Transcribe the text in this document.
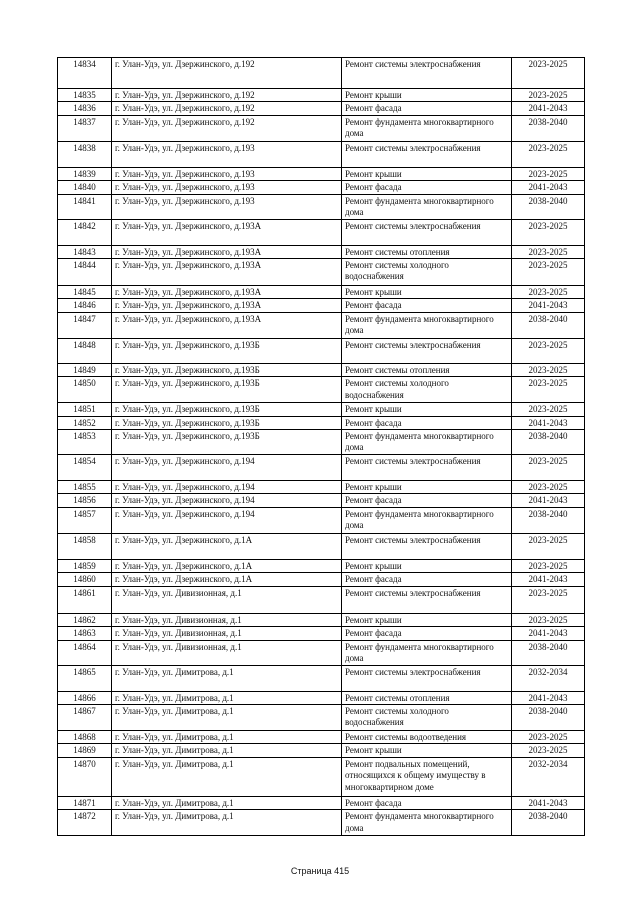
14834	г. Улан-Удэ, ул. Дзержинского, д.192	Ремонт системы электроснабжения	2023-2025
14835	г. Улан-Удэ, ул. Дзержинского, д.192	Ремонт крыши	2023-2025
14836	г. Улан-Удэ, ул. Дзержинского, д.192	Ремонт фасада	2041-2043
14837	г. Улан-Удэ, ул. Дзержинского, д.192	Ремонт фундамента многоквартирного дома	2038-2040
14838	г. Улан-Удэ, ул. Дзержинского, д.193	Ремонт системы электроснабжения	2023-2025
14839	г. Улан-Удэ, ул. Дзержинского, д.193	Ремонт крыши	2023-2025
14840	г. Улан-Удэ, ул. Дзержинского, д.193	Ремонт фасада	2041-2043
14841	г. Улан-Удэ, ул. Дзержинского, д.193	Ремонт фундамента многоквартирного дома	2038-2040
14842	г. Улан-Удэ, ул. Дзержинского, д.193А	Ремонт системы электроснабжения	2023-2025
14843	г. Улан-Удэ, ул. Дзержинского, д.193А	Ремонт системы отопления	2023-2025
14844	г. Улан-Удэ, ул. Дзержинского, д.193А	Ремонт системы холодного водоснабжения	2023-2025
14845	г. Улан-Удэ, ул. Дзержинского, д.193А	Ремонт крыши	2023-2025
14846	г. Улан-Удэ, ул. Дзержинского, д.193А	Ремонт фасада	2041-2043
14847	г. Улан-Удэ, ул. Дзержинского, д.193А	Ремонт фундамента многоквартирного дома	2038-2040
14848	г. Улан-Удэ, ул. Дзержинского, д.193Б	Ремонт системы электроснабжения	2023-2025
14849	г. Улан-Удэ, ул. Дзержинского, д.193Б	Ремонт системы отопления	2023-2025
14850	г. Улан-Удэ, ул. Дзержинского, д.193Б	Ремонт системы холодного водоснабжения	2023-2025
14851	г. Улан-Удэ, ул. Дзержинского, д.193Б	Ремонт крыши	2023-2025
14852	г. Улан-Удэ, ул. Дзержинского, д.193Б	Ремонт фасада	2041-2043
14853	г. Улан-Удэ, ул. Дзержинского, д.193Б	Ремонт фундамента многоквартирного дома	2038-2040
14854	г. Улан-Удэ, ул. Дзержинского, д.194	Ремонт системы электроснабжения	2023-2025
14855	г. Улан-Удэ, ул. Дзержинского, д.194	Ремонт крыши	2023-2025
14856	г. Улан-Удэ, ул. Дзержинского, д.194	Ремонт фасада	2041-2043
14857	г. Улан-Удэ, ул. Дзержинского, д.194	Ремонт фундамента многоквартирного дома	2038-2040
14858	г. Улан-Удэ, ул. Дзержинского, д.1А	Ремонт системы электроснабжения	2023-2025
14859	г. Улан-Удэ, ул. Дзержинского, д.1А	Ремонт крыши	2023-2025
14860	г. Улан-Удэ, ул. Дзержинского, д.1А	Ремонт фасада	2041-2043
14861	г. Улан-Удэ, ул. Дивизионная, д.1	Ремонт системы электроснабжения	2023-2025
14862	г. Улан-Удэ, ул. Дивизионная, д.1	Ремонт крыши	2023-2025
14863	г. Улан-Удэ, ул. Дивизионная, д.1	Ремонт фасада	2041-2043
14864	г. Улан-Удэ, ул. Дивизионная, д.1	Ремонт фундамента многоквартирного дома	2038-2040
14865	г. Улан-Удэ, ул. Димитрова, д.1	Ремонт системы электроснабжения	2032-2034
14866	г. Улан-Удэ, ул. Димитрова, д.1	Ремонт системы отопления	2041-2043
14867	г. Улан-Удэ, ул. Димитрова, д.1	Ремонт системы холодного водоснабжения	2038-2040
14868	г. Улан-Удэ, ул. Димитрова, д.1	Ремонт системы водоотведения	2023-2025
14869	г. Улан-Удэ, ул. Димитрова, д.1	Ремонт крыши	2023-2025
14870	г. Улан-Удэ, ул. Димитрова, д.1	Ремонт подвальных помещений, относящихся к общему имуществу в многоквартирном доме	2032-2034
14871	г. Улан-Удэ, ул. Димитрова, д.1	Ремонт фасада	2041-2043
14872	г. Улан-Удэ, ул. Димитрова, д.1	Ремонт фундамента многоквартирного дома	2038-2040
Страница 415
